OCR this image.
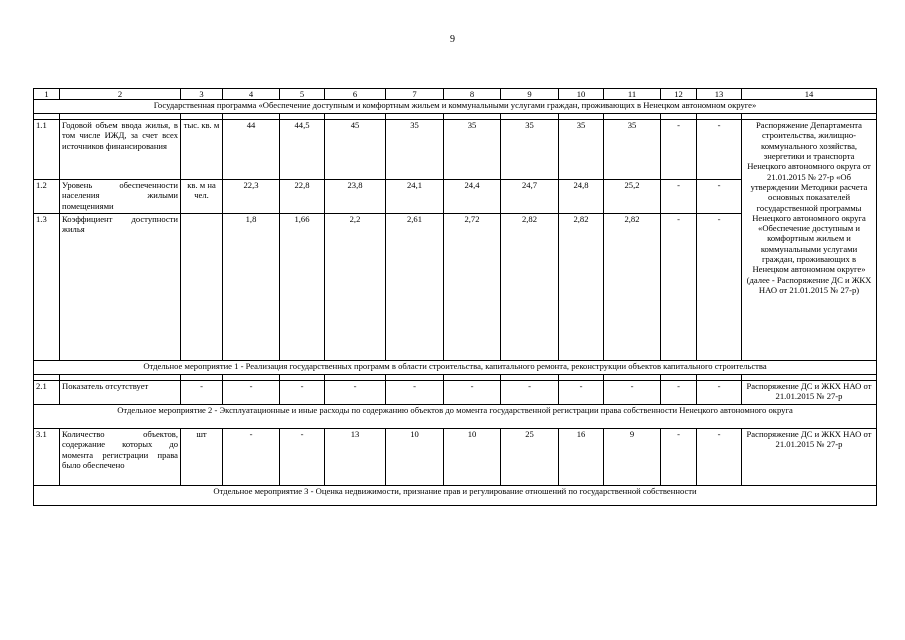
9
1	2	3	4	5	6	7	8	9	10	11	12	13	14
Государственная программа «Обеспечение доступным и комфортным жильем и коммунальными услугами граждан, проживающих в Ненецком автономном округе»													

1.1	Годовой объем ввода жилья, в том числе ИЖД, за счет всех источников финансирования	тыс. кв. м	44	44,5	45	35	35	35	35	35	-	-	Распоряжение Департамента строительства, жилищно-коммунального хозяйства, энергетики и транспорта Ненецкого автономного округа от 21.01.2015 № 27-р «Об утверждении Методики расчета основных показателей государственной программы Ненецкого автономного округа «Обеспечение доступным и комфортным жильем и коммунальными услугами граждан, проживающих в Ненецком автономном округе» (далее - Распоряжение ДС и ЖКХ НАО от 21.01.2015 № 27-р)
1.2	Уровень обеспеченности населения жилыми помещениями	кв. м на чел.	22,3	22,8	23,8	24,1	24,4	24,7	24,8	25,2	-	-	
1.3	Коэффициент доступности жилья		1,8	1,66	2,2	2,61	2,72	2,82	2,82	2,82	-	-	
Отдельное мероприятие 1 - Реализация государственных программ в области строительства, капитального ремонта, реконструкции объектов капитального строительства													

2.1	Показатель отсутствует	-	-	-	-	-	-	-	-	-	-	-	Распоряжение ДС и ЖКХ НАО от 21.01.2015 № 27-р
Отдельное мероприятие 2 - Эксплуатационные и иные расходы по содержанию объектов до момента государственной регистрации права собственности Ненецкого автономного округа													
3.1	Количество объектов, содержание которых до момента регистрации права было обеспечено	шт	-	-	13	10	10	25	16	9	-	-	Распоряжение ДС и ЖКХ НАО от 21.01.2015 № 27-р
Отдельное мероприятие 3 - Оценка недвижимости, признание прав и регулирование отношений по государственной собственности													
